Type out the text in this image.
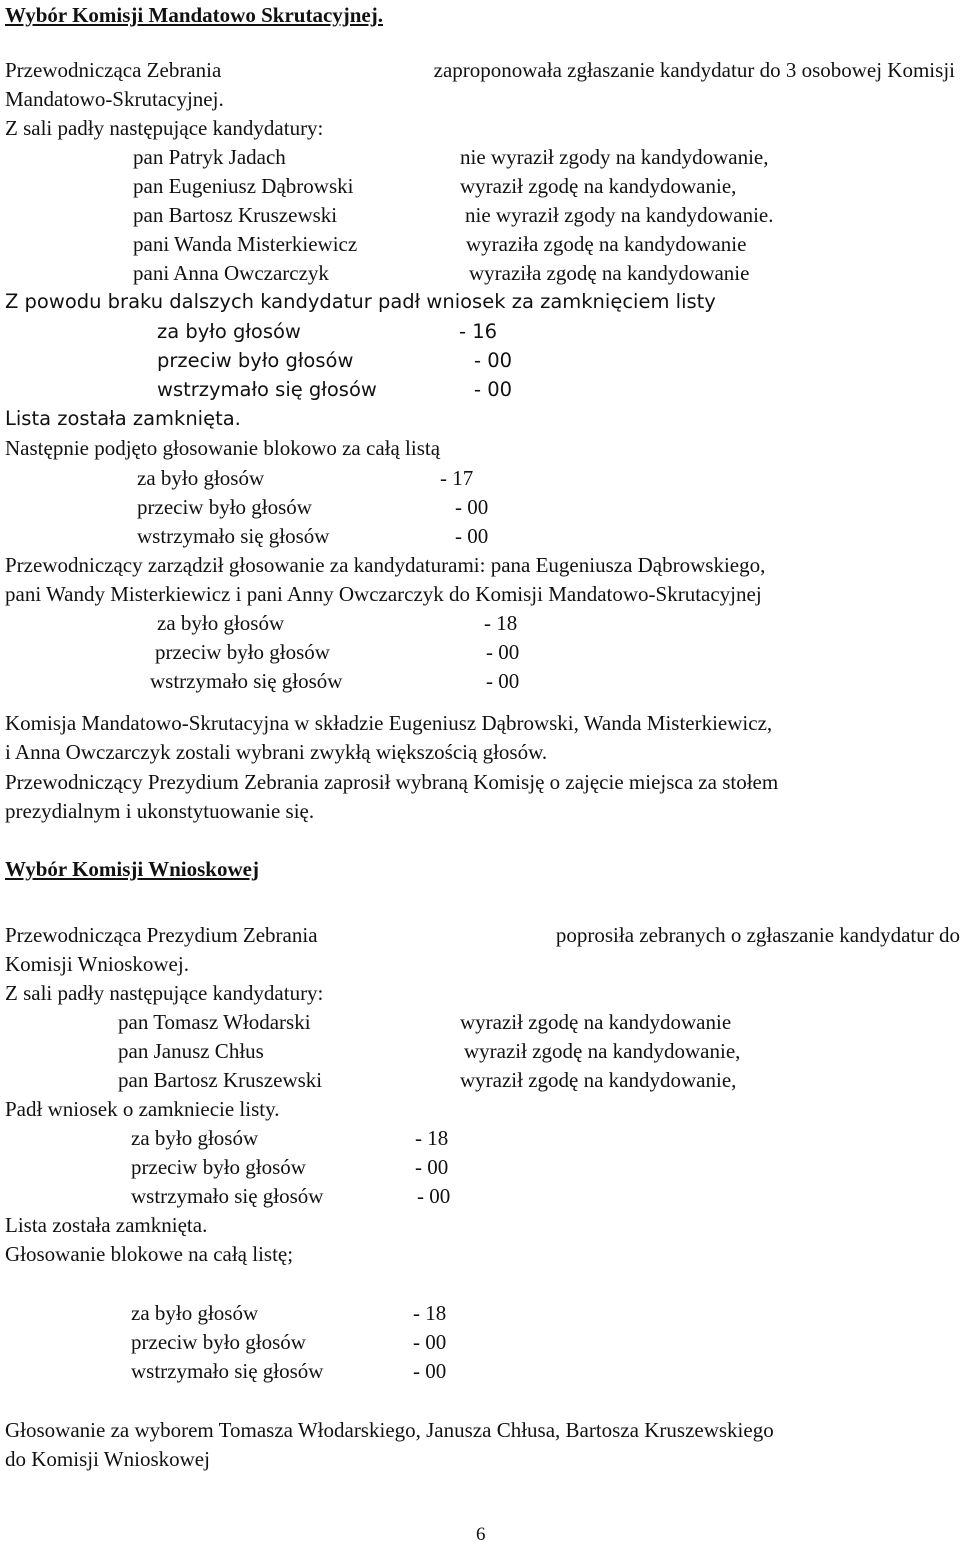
Wybór Komisji Mandatowo Skrutacyjnej.
Przewodnicząca Zebrania	zaproponowała zgłaszanie kandydatur do 3 osobowej Komisji
Mandatowo-Skrutacyjnej.
Z sali padły następujące kandydatury:
pan Patryk Jadach	nie wyraził zgody na kandydowanie,
pan Eugeniusz Dąbrowski	wyraził zgodę na kandydowanie,
pan Bartosz Kruszewski	nie wyraził zgody na kandydowanie.
pani Wanda Misterkiewicz	wyraziła zgodę na kandydowanie
pani Anna Owczarczyk	wyraziła zgodę na kandydowanie
Z powodu braku dalszych kandydatur padł wniosek za zamknięciem listy
za było głosów	- 16
przeciw było głosów	- 00
wstrzymało się głosów	- 00
Lista została zamknięta.
Następnie podjęto głosowanie blokowo za całą listą
za było głosów	- 17
przeciw było głosów	- 00
wstrzymało się głosów	- 00
Przewodniczący zarządził głosowanie za kandydaturami: pana Eugeniusza Dąbrowskiego,
pani Wandy Misterkiewicz i pani Anny Owczarczyk do Komisji Mandatowo-Skrutacyjnej
za było głosów	- 18
przeciw było głosów	- 00
wstrzymało się głosów	- 00
Komisja Mandatowo-Skrutacyjna w składzie Eugeniusz Dąbrowski, Wanda Misterkiewicz,
i Anna Owczarczyk zostali wybrani zwykłą większością głosów.
Przewodniczący Prezydium Zebrania zaprosił wybraną Komisję o zajęcie miejsca za stołem
prezydialnym i ukonstytuowanie się.
Wybór Komisji Wnioskowej
Przewodnicząca Prezydium Zebrania	poprosiła zebranych o zgłaszanie kandydatur do
Komisji Wnioskowej.
Z sali padły następujące kandydatury:
pan Tomasz Włodarski	wyraził zgodę na kandydowanie
pan Janusz Chłus	wyraził zgodę na kandydowanie,
pan Bartosz Kruszewski	wyraził zgodę na kandydowanie,
Padł wniosek o zamkniecie listy.
za było głosów	- 18
przeciw było głosów	- 00
wstrzymało się głosów	- 00
Lista została zamknięta.
Głosowanie blokowe na całą listę;
za było głosów	- 18
przeciw było głosów	- 00
wstrzymało się głosów	- 00
Głosowanie za wyborem Tomasza Włodarskiego, Janusza Chłusa, Bartosza Kruszewskiego
do Komisji Wnioskowej
6
